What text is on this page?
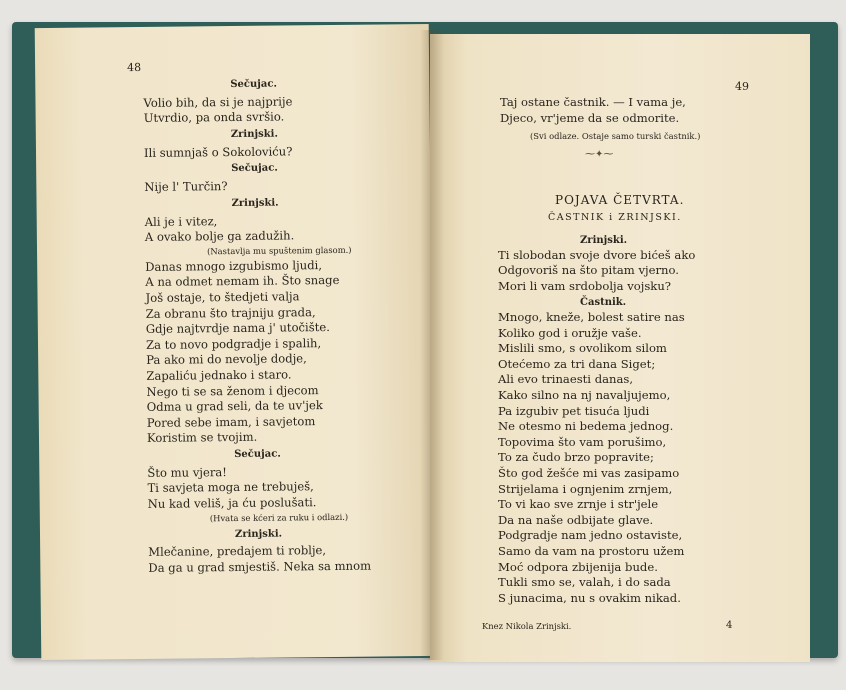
48
Sečujac.
Volio bih, da si je najprije
Utvrdio, pa onda svršio.
Zrinjski.
Ili sumnjaš o Sokoloviću?
Sečujac.
Nije l' Turčin?
Zrinjski.
Ali je i vitez,
A ovako bolje ga zadužih.
(Nastavlja mu spuštenim glasom.)
Danas mnogo izgubismo ljudi,
A na odmet nemam ih. Što snage
Još ostaje, to štedjeti valja
Za obranu što trajniju grada,
Gdje najtvrdje nama j' utočište.
Za to novo podgradje i spalih,
Pa ako mi do nevolje dodje,
Zapaliću jednako i staro.
Nego ti se sa ženom i djecom
Odma u grad seli, da te uv'jek
Pored sebe imam, i savjetom
Koristim se tvojim.
Sečujac.
Što mu vjera!
Ti savjeta moga ne trebuješ,
Nu kad veliš, ja ću poslušati.
(Hvata se kćeri za ruku i odlazi.)
Zrinjski.
Mlečanine, predajem ti roblje,
Da ga u grad smjestiš. Neka sa mnom
49
Taj ostane častnik. — I vama je,
Djeco, vr'jeme da se odmorite.
(Svi odlaze. Ostaje samo turski častnik.)
⁓✦⁓
POJAVA ČETVRTA.
ČASTNIK i ZRINJSKI.
Zrinjski.
Ti slobodan svoje dvore bićeš ako
Odgovoriš na što pitam vjerno.
Mori li vam srdobolja vojsku?
Častnik.
Mnogo, kneže, bolest satire nas
Koliko god i oružje vaše.
Mislili smo, s ovolikom silom
Otećemo za tri dana Siget;
Ali evo trinaesti danas,
Kako silno na nj navaljujemo,
Pa izgubiv pet tisuća ljudi
Ne otesmo ni bedema jednog.
Topovima što vam porušimo,
To za čudo brzo popravite;
Što god žešće mi vas zasipamo
Strijelama i ognjenim zrnjem,
To vi kao sve zrnje i str'jele
Da na naše odbijate glave.
Podgradje nam jedno ostaviste,
Samo da vam na prostoru užem
Moć odpora zbijenija bude.
Tukli smo se, valah, i do sada
S junacima, nu s ovakim nikad.
Knez Nikola Zrinjski.	4
